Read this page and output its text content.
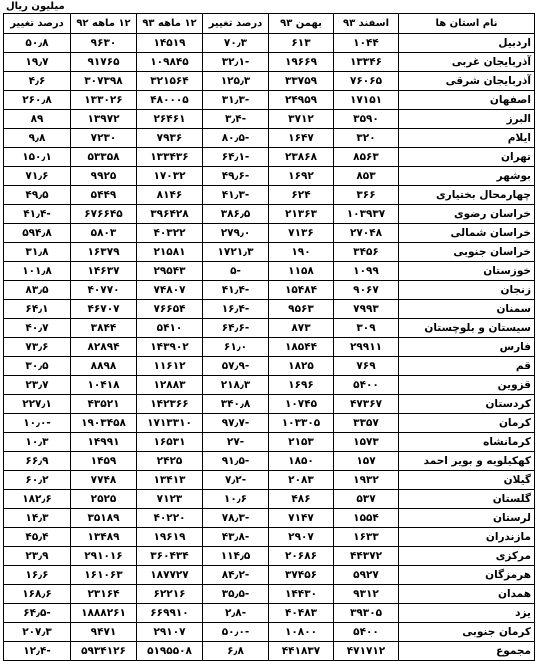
میلیون ریال
نام استان ها	اسفند ۹۳	بهمن ۹۳	درصد تغییر	۱۲ ماهه ۹۳	۱۲ ماهه ۹۲	درصد تغییر
اردبیل	۱۰۴۴	۶۱۳	۷۰٫۳	۱۴۵۱۹	۹۶۳۰	۵۰٫۸
آذربایجان غربی	۱۳۳۴۶	۱۹۶۶۹	-۳۲٫۱	۱۰۹۸۴۵	۹۱۷۶۵	۱۹٫۷
آذربایجان شرقی	۷۶۰۶۵	۳۳۷۵۹	۱۲۵٫۳	۳۲۱۵۶۴	۳۰۷۳۹۸	۴٫۶
اصفهان	۱۷۱۵۱	۲۴۹۵۹	-۳۱٫۳	۴۸۰۰۰۵	۱۳۳۰۲۶	۲۶۰٫۸
البرز	۳۵۹۰	۳۷۱۲	-۳٫۴	۲۶۴۶۱	۱۳۹۷۲	۸۹
ایلام	۳۲۰	۱۶۴۷	-۸۰٫۵	۷۹۳۶	۷۲۳۰	۹٫۸
تهران	۸۵۶۳	۲۳۸۶۸	-۶۴٫۱	۱۳۳۴۳۶	۵۳۳۵۸	۱۵۰٫۱
بوشهر	۸۵۳	۱۶۹۲	-۴۹٫۶	۱۷۰۳۲	۹۹۲۵	۷۱٫۶
چهارمحال بختیاری	۳۶۶	۶۲۴	-۴۱٫۳	۸۱۴۶	۵۴۴۹	۴۹٫۵
خراسان رضوی	۱۰۳۹۳۷	۲۱۳۶۳	۳۸۶٫۵	۳۹۶۴۲۸	۶۷۶۶۴۵	-۴۱٫۴
خراسان شمالی	۲۷۰۴۸	۷۱۳۶	۲۷۹٫۰	۴۰۳۲۲	۵۸۰۳	۵۹۴٫۸
خراسان جنوبی	۳۴۵۶	۱۹۰	۱۷۲۱٫۳	۲۱۵۸۱	۱۶۳۷۹	۳۱٫۸
خوزستان	۱۰۹۹	۱۱۵۸	-۵	۲۹۵۴۳	۱۴۶۳۷	۱۰۱٫۸
زنجان	۹۰۶۷	۱۵۴۸۴	-۴۱٫۴	۷۴۸۰۷	۴۰۷۷۰	۸۳٫۵
سمنان	۷۹۹۳	۹۵۶۳	-۱۶٫۴	۷۶۶۵۴	۴۶۷۰۷	۶۴٫۱
سیستان و بلوچستان	۳۰۹	۸۷۳	-۶۴٫۶	۵۴۱۰	۳۸۴۴	۴۰٫۷
فارس	۲۹۹۱۱	۱۸۵۴۴	۶۱٫۰	۱۴۳۹۰۲	۸۲۸۹۴	۷۳٫۶
قم	۷۶۹	۱۸۲۵	-۵۷٫۹	۱۱۶۱۲	۸۸۹۸	۳۰٫۵
قزوین	۵۴۰۰	۱۶۹۶	۲۱۸٫۳	۱۲۸۸۳	۱۰۴۱۸	۲۳٫۷
کردستان	۴۷۳۶۷	۱۰۷۴۵	۳۴۰٫۸	۱۴۲۳۶۶	۴۳۵۲۱	۲۲۷٫۱
کرمان	۳۳۵۷	۱۰۳۳۰۵	-۹۷٫۷	۱۷۱۳۳۱۰	۱۹۰۳۴۵۸	-۱۰٫۰
کرمانشاه	۱۵۷۳	۲۱۵۳	-۲۷	۱۶۵۳۱	۱۴۹۹۱	۱۰٫۳
کهکیلویه و بویر احمد	۱۵۷	۱۸۵۰	-۹۱٫۵	۲۴۲۵	۱۴۵۹	۶۶٫۹
گیلان	۱۹۳۲	۲۰۸۳	-۷٫۲	۱۳۴۱۳	۷۷۴۸	۶۰٫۲
گلستان	۵۳۷	۴۸۶	۱۰٫۶	۷۱۲۳	۲۵۲۵	۱۸۲٫۶
لرستان	۱۵۵۴	۷۱۴۷	-۷۸٫۳	۴۰۲۲۰	۳۵۱۸۹	۱۴٫۳
مازندران	۱۶۳۳	۲۹۰۷	-۴۳٫۸	۱۹۶۱۹	۱۳۴۸۹	۴۵٫۴
مرکزی	۴۴۳۷۲	۲۰۶۸۶	۱۱۴٫۵	۳۶۰۴۳۴	۲۹۱۰۱۶	۲۳٫۹
هرمزگان	۵۹۲۷	۳۷۴۵۶	-۸۴٫۲	۱۸۷۷۲۷	۱۶۱۰۶۳	۱۶٫۶
همدان	۹۳۱۲	۱۴۴۳۰	-۳۵٫۵	۶۲۲۱۶	۲۳۱۶۴	۱۶۸٫۶
یزد	۳۹۳۰۵	۴۰۴۸۳	-۲٫۸	۶۶۹۹۱۰	۱۸۸۸۲۶۱	-۶۴٫۵
کرمان جنوبی	۵۴۰۰	۱۰۸۰۰	-۵۰٫۰	۲۹۱۰۷	۹۴۷۱	۲۰۷٫۳
مجموع	۴۷۱۷۱۲	۴۴۱۸۳۷	۶٫۸	۵۱۹۵۵۰۸	۵۹۳۴۱۲۶	-۱۲٫۴
